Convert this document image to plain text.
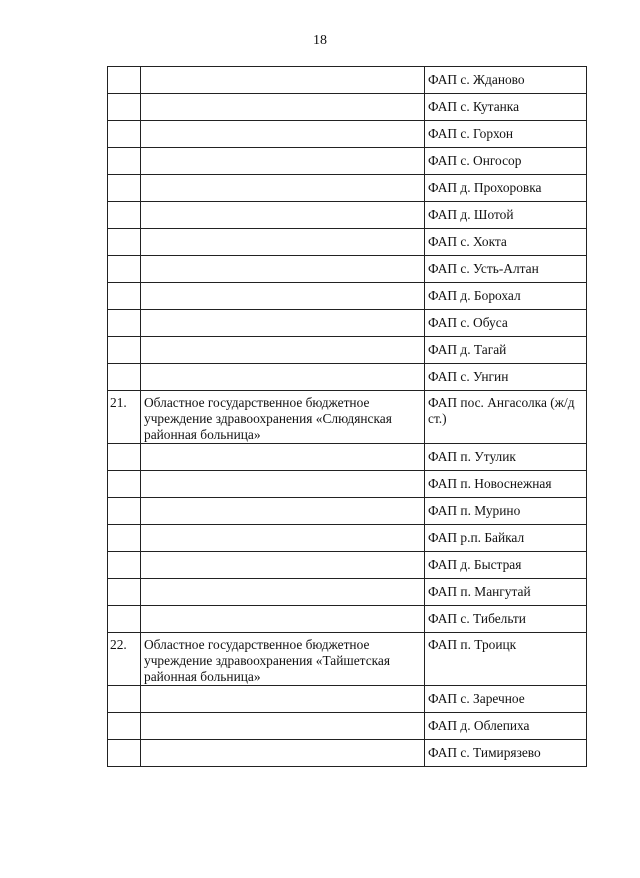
18
		ФАП с. Жданово
		ФАП с. Кутанка
		ФАП с. Горхон
		ФАП с. Онгосор
		ФАП д. Прохоровка
		ФАП д. Шотой
		ФАП с. Хокта
		ФАП с. Усть-Алтан
		ФАП д. Борохал
		ФАП с. Обуса
		ФАП д. Тагай
		ФАП с. Унгин
21.	Областное государственное бюджетное учреждение здравоохранения «Слюдянская районная больница»	ФАП пос. Ангасолка (ж/д ст.)
		ФАП п. Утулик
		ФАП п. Новоснежная
		ФАП п. Мурино
		ФАП р.п. Байкал
		ФАП д. Быстрая
		ФАП п. Мангутай
		ФАП с. Тибельти
22.	Областное государственное бюджетное учреждение здравоохранения «Тайшетская районная больница»	ФАП п. Троицк
		ФАП с. Заречное
		ФАП д. Облепиха
		ФАП с. Тимирязево
